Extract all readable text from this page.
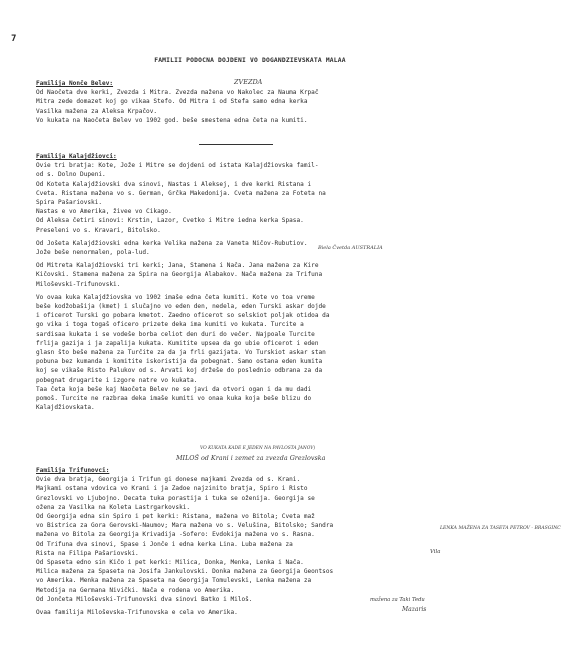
7
FAMILII PODOCNA DOJDENI VO DOGANDZIEVSKATA MALAA
Familija Nonče Belev:
Od Naočeta dve kerki, Zvezda i Mitra. Zvezda mažena vo Nakolec za Nauma Krpač
Mitra zede domazet koj go vikaa Stefo. Od Mitra i od Stefa samo edna kerka
Vasilka mažena za Aleksa Krpačov.
Vo kukata na Naočeta Belev vo 1902 god. beše smestena edna četa na kumiti.
Familija Kalajdžiovci:
Ovie tri bratja: Kote, Jože i Mitre se dojdeni od istata Kalajdžiovska famil-
od s. Dolno Dupeni.
Od Koteta Kalajdžiovski dva sinovi, Nastas i Aleksej, i dve kerki Ristana i
Cveta. Ristana mažena vo s. German, Grčka Makedonija. Cveta mažena za Foteta na
Spira Pašariovski.
Nastas e vo Amerika, živee vo Cikago.
Od Aleksa četiri sinovi: Krstin, Lazor, Cvetko i Mitre iedna kerka Spasa.
Preseleni vo s. Kravari, Bitolsko.
Od Jošeta Kalajdžiovski edna kerka Velika mažena za Vaneta Ničov-Rubutiov.
Jože beše nenormalen, pola-lud.
Od Mitreta Kalajdžiovski tri kerki; Jana, Stamena i Nača. Jana mažena za Kire
Kičovski. Stamena mažena za Spira na Georgija Alabakov. Nača mažena za Trifuna
Miloševski-Trifunovski.
Vo ovaa kuka Kalajdžiovska vo 1902 imaše edna četa kumiti. Kote vo toa vreme
beše kodžobašija (kmet) i slučajno vo eden den, nedela, eden Turski askar dojde
i oficerot Turski go pobara kmetot. Zaedno oficerot so selskiot poljak otidoa da
go vika i toga togaš oficero prizete deka ima kumiti vo kukata. Turcite a
sardisaa kukata i se vodeše borba celiot den duri do večer. Najpoale Turcite
frlija gazija i ja zapalija kukata. Kumitite upsea da go ubie oficerot i eden
glasn što beše mažena za Turčite za da ja frli gazijata. Vo Turskiot askar stan
pobuna bez kumanda i komitite iskoristija da pobegnat. Samo ostana eden kumita
koj se vikaše Risto Palukov od s. Arvati koj držeše do poslednio odbrana za da
pobegnat drugarite i izgore natre vo kukata.
Taa četa koja beše kaj Naočeta Belev ne se javi da otvori ogan i da mu dadi
pomoš. Turcite ne razbraa deka imaše kumiti vo onaa kuka koja beše blizu do
Kalajdžiovskata.
Familija Trifunovci:
Ovie dva bratja, Georgija i Trifun gi donese majkami Zvezda od s. Krani.
Majkami ostana vdovica vo Krani i ja Zadoe najzinito bratja, Spiro i Risto
Grezlovski vo Ljubojno. Decata tuka porastija i tuka se oženija. Georgija se
ožena za Vasilka na Koleta Lastrgarkovski.
Od Georgija edna sin Spiro i pet kerki: Ristana, mažena vo Bitola; Cveta maž
vo Bistrica za Gora Gerovski-Naumov; Mara mažena vo s. Velušina, Bitolsko; Sandra
mažena vo Bitola za Georgija Krivadija -Sofero: Evdokija mažena vo s. Rasna.
Od Trifuna dva sinovi, Spase i Jonče i edna kerka Lina. Luba mažena za
Rista na Filipa Pašariovski.
Od Spaseta edno sin Kičo i pet kerki: Milica, Donka, Menka, Lenka i Nača.
Milica mažena za Spaseta na Josifa Jankulovski. Donka mažena za Georgija Geontsos
vo Amerika. Menka mažena za Spaseta na Georgija Tomulevski, Lenka mažena za
Metodija na Germana Nivički. Nača e rodena vo Amerika.
Od Jončeta Miloševski-Trifunovski dva sinovi Batko i Miloš.
Ovaa familija Miloševska-Trifunovska e cela vo Amerika.
ZVEZDA
Biela Čvetda AUSTRALIA
LENKA MAŽENA ZA TASETA PETROV - BRASGINC
MILOŠ od Krani i zemet za zvezda Grezlovska
VO KUKATA KADE E JEDEN NA PAVLOSTA JANOV)
Vila
mažena za Taki Tedu
Mazaris
